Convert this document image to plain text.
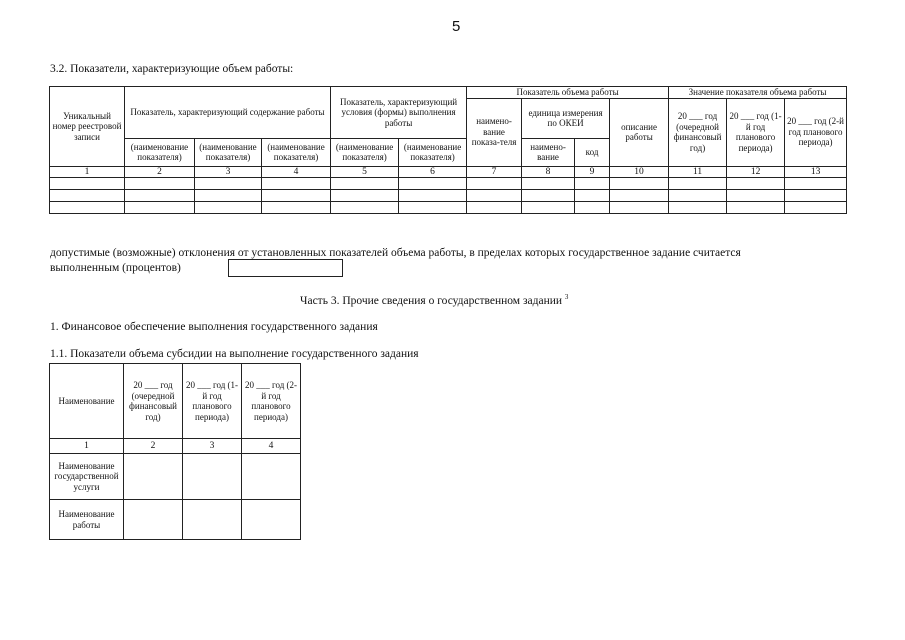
5
3.2. Показатели, характеризующие объем работы:
Уникальный номер реестровой записи	Показатель, характеризующий содержание работы			Показатель, характеризующий условия (формы) выполнения работы		Показатель объема работы				Значение показателя объема работы		
						наимено-вание показа-теля	единица измерения по ОКЕИ		описание работы	20 ___ год (очередной финансовый год)	20 ___ год (1-й год планового периода)	20 ___ год (2-й год планового периода)
	(наименование показателя)	(наименование показателя)	(наименование показателя)	(наименование показателя)	(наименование показателя)		наимено-вание	код				
1	2	3	4	5	6	7	8	9	10	11	12	13

допустимые (возможные) отклонения от установленных показателей объема работы, в пределах которых государственное задание считается
выполненным (процентов)
Часть 3. Прочие сведения о государственном задании $^3$
1. Финансовое обеспечение выполнения государственного задания
1.1. Показатели объема субсидии на выполнение государственного задания
Наименование	20 ___ год (очередной финансовый год)	20 ___ год (1-й год планового периода)	20 ___ год (2-й год планового периода)
1	2	3	4
Наименование государственной услуги			
Наименование работы			
